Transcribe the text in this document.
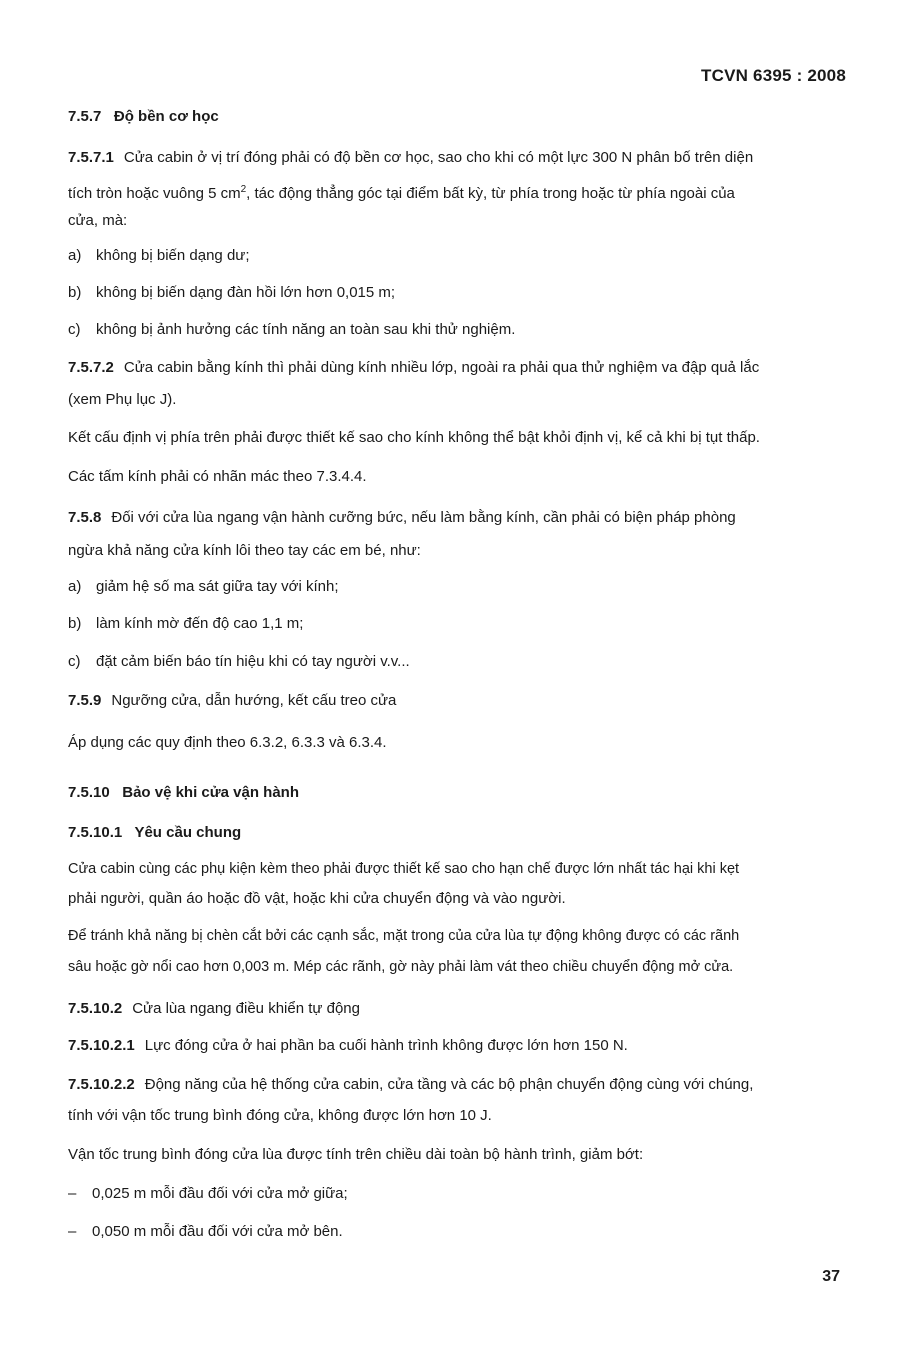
TCVN 6395 : 2008
7.5.7 Độ bền cơ học
7.5.7.1 Cửa cabin ở vị trí đóng phải có độ bền cơ học, sao cho khi có một lực 300 N phân bố trên diện
tích tròn hoặc vuông 5 $cm^2$, tác động thẳng góc tại điểm bất kỳ, từ phía trong hoặc từ phía ngoài của
cửa, mà:
a) không bị biến dạng dư;
b) không bị biến dạng đàn hồi lớn hơn 0,015 m;
c) không bị ảnh hưởng các tính năng an toàn sau khi thử nghiệm.
7.5.7.2 Cửa cabin bằng kính thì phải dùng kính nhiều lớp, ngoài ra phải qua thử nghiệm va đập quả lắc
(xem Phụ lục J).
Kết cấu định vị phía trên phải được thiết kế sao cho kính không thể bật khỏi định vị, kể cả khi bị tụt thấp.
Các tấm kính phải có nhãn mác theo 7.3.4.4.
7.5.8 Đối với cửa lùa ngang vận hành cưỡng bức, nếu làm bằng kính, cần phải có biện pháp phòng
ngừa khả năng cửa kính lôi theo tay các em bé, như:
a) giảm hệ số ma sát giữa tay với kính;
b) làm kính mờ đến độ cao 1,1 m;
c) đặt cảm biến báo tín hiệu khi có tay người v.v...
7.5.9 Ngưỡng cửa, dẫn hướng, kết cấu treo cửa
Áp dụng các quy định theo 6.3.2, 6.3.3 và 6.3.4.
7.5.10 Bảo vệ khi cửa vận hành
7.5.10.1 Yêu cầu chung
Cửa cabin cùng các phụ kiện kèm theo phải được thiết kế sao cho hạn chế được lớn nhất tác hại khi kẹt
phải người, quần áo hoặc đồ vật, hoặc khi cửa chuyển động và vào người.
Để tránh khả năng bị chèn cắt bởi các cạnh sắc, mặt trong của cửa lùa tự động không được có các rãnh
sâu hoặc gờ nổi cao hơn 0,003 m. Mép các rãnh, gờ này phải làm vát theo chiều chuyển động mở cửa.
7.5.10.2 Cửa lùa ngang điều khiển tự động
7.5.10.2.1 Lực đóng cửa ở hai phần ba cuối hành trình không được lớn hơn 150 N.
7.5.10.2.2 Động năng của hệ thống cửa cabin, cửa tầng và các bộ phận chuyển động cùng với chúng,
tính với vận tốc trung bình đóng cửa, không được lớn hơn 10 J.
Vận tốc trung bình đóng cửa lùa được tính trên chiều dài toàn bộ hành trình, giảm bớt:
– 0,025 m mỗi đầu đối với cửa mở giữa;
– 0,050 m mỗi đầu đối với cửa mở bên.
37
